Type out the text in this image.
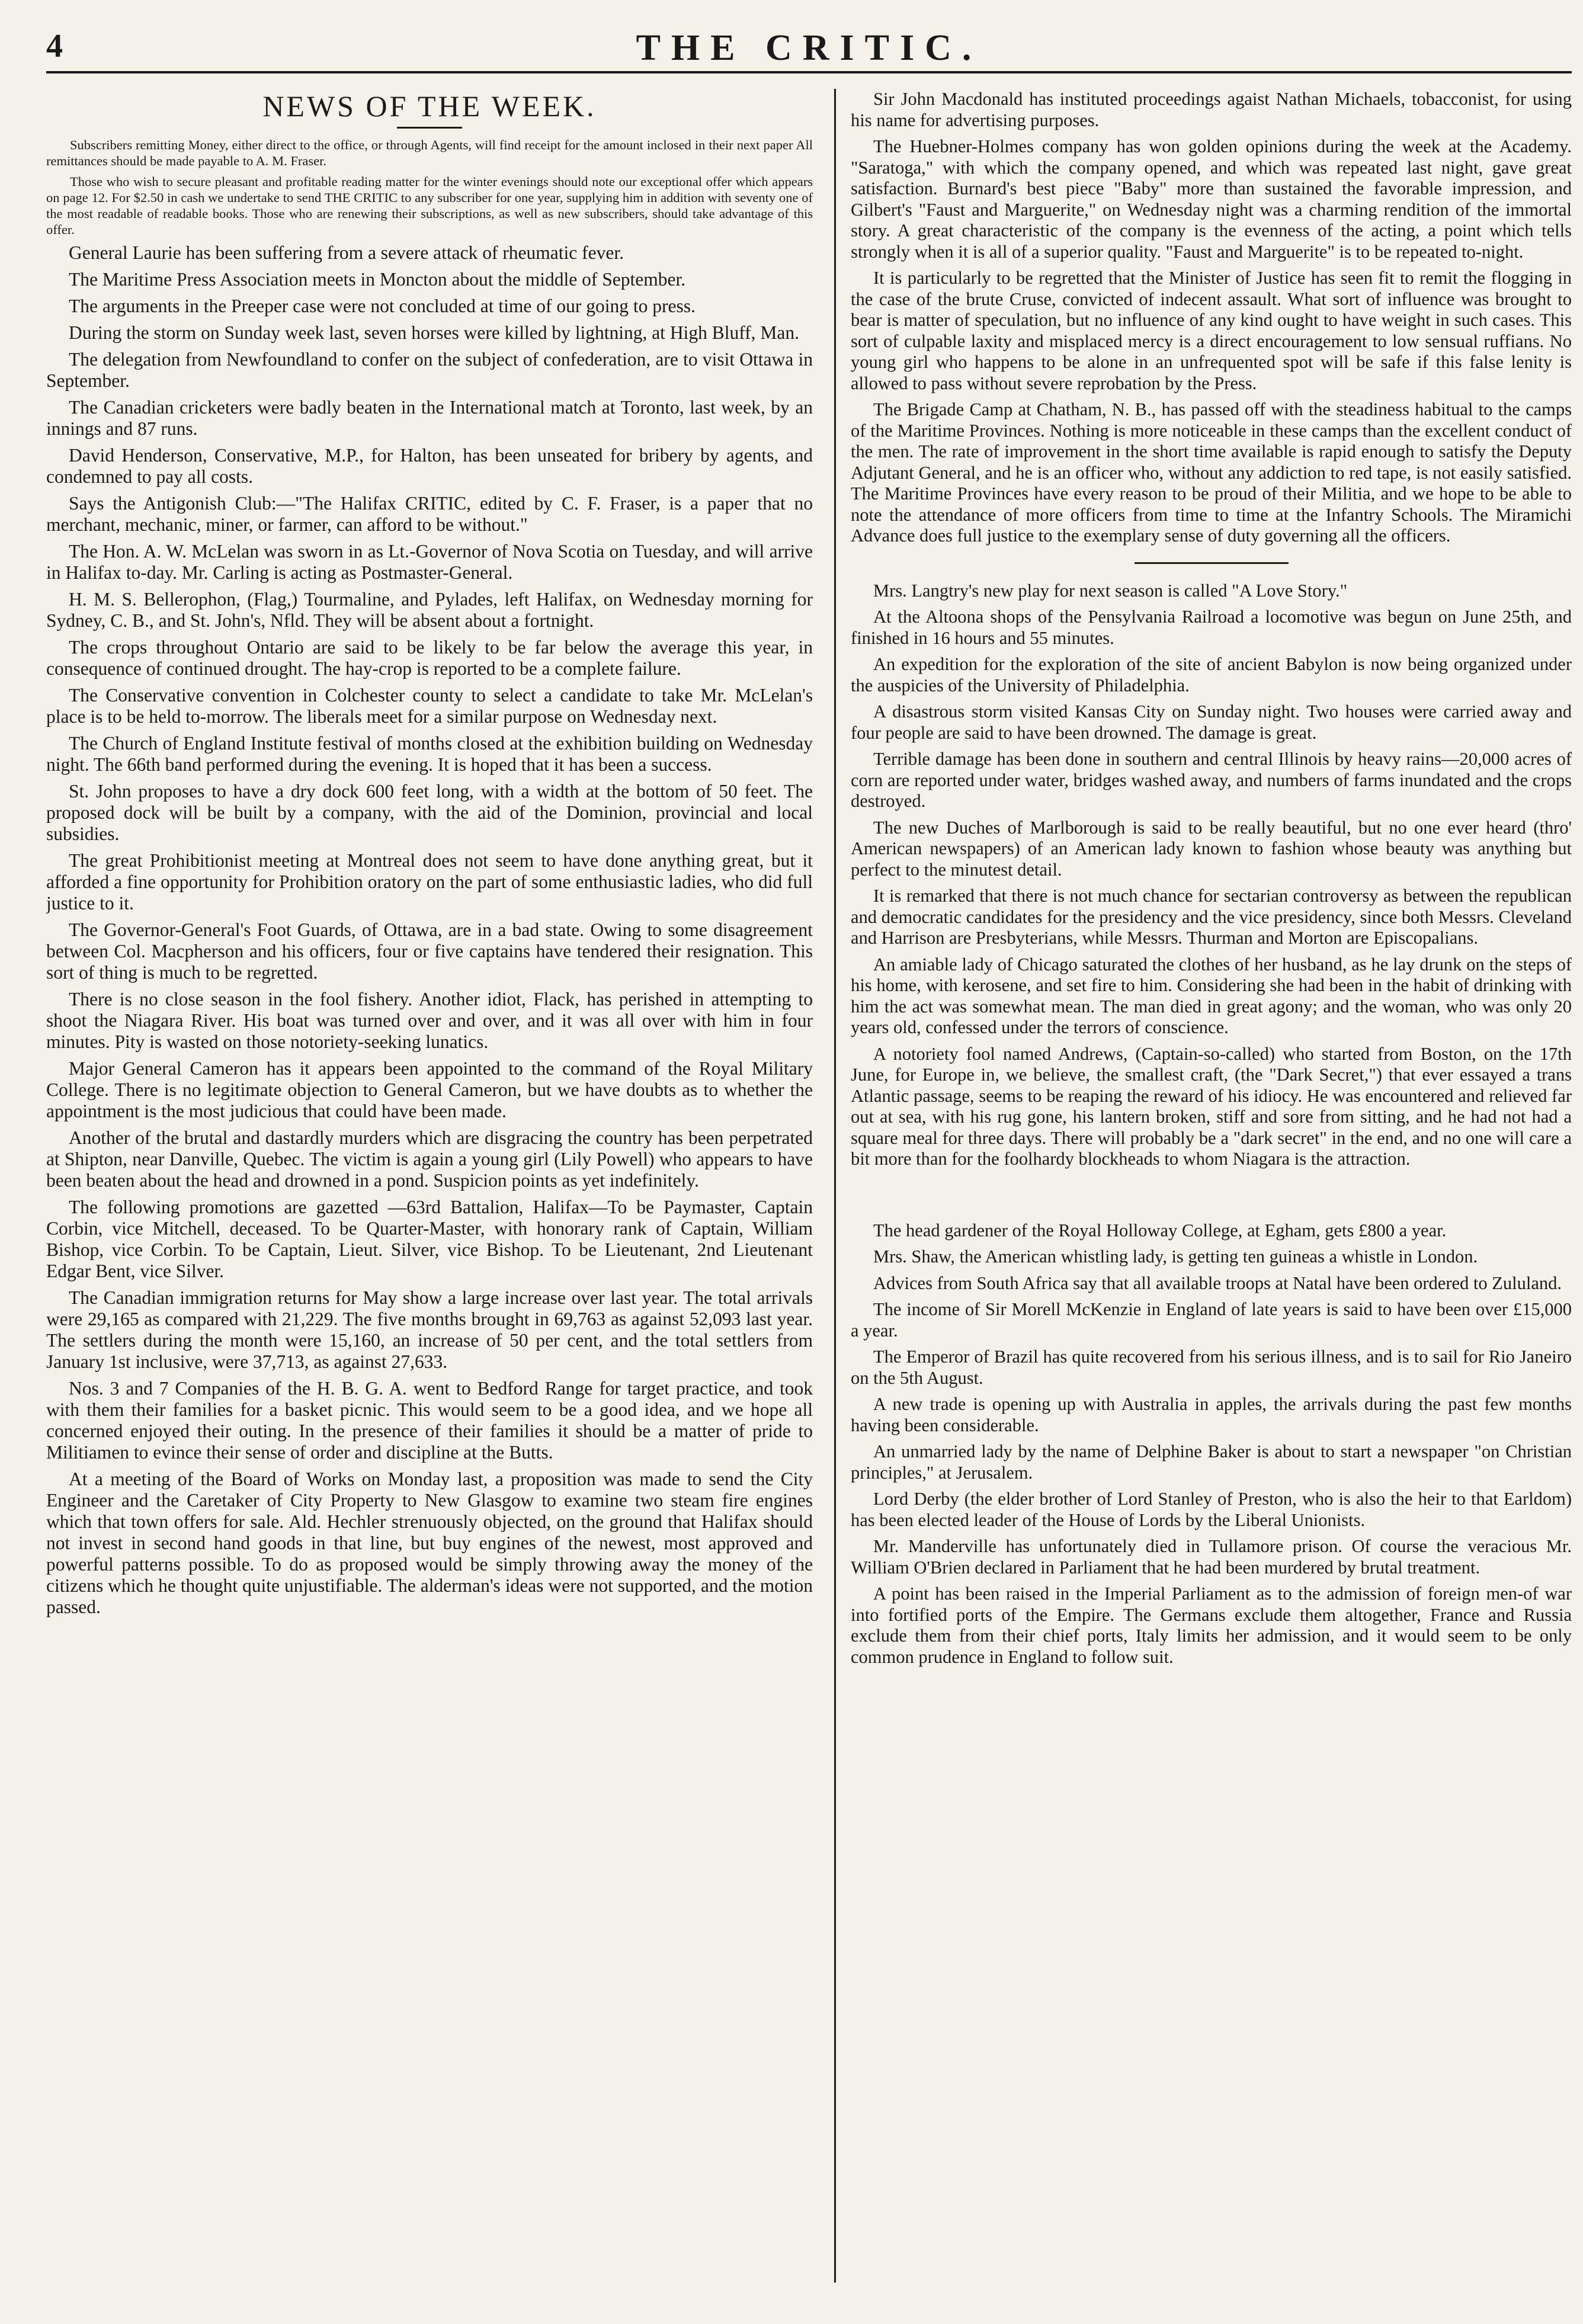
4	THE CRITIC.
NEWS OF THE WEEK.

Subscribers remitting Money, either direct to the office, or through Agents, will find receipt for the amount inclosed in their next paper All remittances should be made payable to A. M. Fraser.

Those who wish to secure pleasant and profitable reading matter for the winter evenings should note our exceptional offer which appears on page 12. For $2.50 in cash we undertake to send THE CRITIC to any subscriber for one year, supplying him in addition with seventy one of the most readable of readable books. Those who are renewing their subscriptions, as well as new subscribers, should take advantage of this offer.

General Laurie has been suffering from a severe attack of rheumatic fever.

The Maritime Press Association meets in Moncton about the middle of September.

The arguments in the Preeper case were not concluded at time of our going to press.

During the storm on Sunday week last, seven horses were killed by lightning, at High Bluff, Man.

The delegation from Newfoundland to confer on the subject of confederation, are to visit Ottawa in September.

The Canadian cricketers were badly beaten in the International match at Toronto, last week, by an innings and 87 runs.

David Henderson, Conservative, M.P., for Halton, has been unseated for bribery by agents, and condemned to pay all costs.

Says the Antigonish Club:—"The Halifax CRITIC, edited by C. F. Fraser, is a paper that no merchant, mechanic, miner, or farmer, can afford to be without."

The Hon. A. W. McLelan was sworn in as Lt.-Governor of Nova Scotia on Tuesday, and will arrive in Halifax to-day. Mr. Carling is acting as Postmaster-General.

H. M. S. Bellerophon, (Flag,) Tourmaline, and Pylades, left Halifax, on Wednesday morning for Sydney, C. B., and St. John's, Nfld. They will be absent about a fortnight.

The crops throughout Ontario are said to be likely to be far below the average this year, in consequence of continued drought. The hay-crop is reported to be a complete failure.

The Conservative convention in Colchester county to select a candidate to take Mr. McLelan's place is to be held to-morrow. The liberals meet for a similar purpose on Wednesday next.

The Church of England Institute festival of months closed at the exhibition building on Wednesday night. The 66th band performed during the evening. It is hoped that it has been a success.

St. John proposes to have a dry dock 600 feet long, with a width at the bottom of 50 feet. The proposed dock will be built by a company, with the aid of the Dominion, provincial and local subsidies.

The great Prohibitionist meeting at Montreal does not seem to have done anything great, but it afforded a fine opportunity for Prohibition oratory on the part of some enthusiastic ladies, who did full justice to it.

The Governor-General's Foot Guards, of Ottawa, are in a bad state. Owing to some disagreement between Col. Macpherson and his officers, four or five captains have tendered their resignation. This sort of thing is much to be regretted.

There is no close season in the fool fishery. Another idiot, Flack, has perished in attempting to shoot the Niagara River. His boat was turned over and over, and it was all over with him in four minutes. Pity is wasted on those notoriety-seeking lunatics.

Major General Cameron has it appears been appointed to the command of the Royal Military College. There is no legitimate objection to General Cameron, but we have doubts as to whether the appointment is the most judicious that could have been made.

Another of the brutal and dastardly murders which are disgracing the country has been perpetrated at Shipton, near Danville, Quebec. The victim is again a young girl (Lily Powell) who appears to have been beaten about the head and drowned in a pond. Suspicion points as yet indefinitely.

The following promotions are gazetted —63rd Battalion, Halifax—To be Paymaster, Captain Corbin, vice Mitchell, deceased. To be Quarter-Master, with honorary rank of Captain, William Bishop, vice Corbin. To be Captain, Lieut. Silver, vice Bishop. To be Lieutenant, 2nd Lieutenant Edgar Bent, vice Silver.

The Canadian immigration returns for May show a large increase over last year. The total arrivals were 29,165 as compared with 21,229. The five months brought in 69,763 as against 52,093 last year. The settlers during the month were 15,160, an increase of 50 per cent, and the total settlers from January 1st inclusive, were 37,713, as against 27,633.

Nos. 3 and 7 Companies of the H. B. G. A. went to Bedford Range for target practice, and took with them their families for a basket picnic. This would seem to be a good idea, and we hope all concerned enjoyed their outing. In the presence of their families it should be a matter of pride to Militiamen to evince their sense of order and discipline at the Butts.

At a meeting of the Board of Works on Monday last, a proposition was made to send the City Engineer and the Caretaker of City Property to New Glasgow to examine two steam fire engines which that town offers for sale. Ald. Hechler strenuously objected, on the ground that Halifax should not invest in second hand goods in that line, but buy engines of the newest, most approved and powerful patterns possible. To do as proposed would be simply throwing away the money of the citizens which he thought quite unjustifiable. The alderman's ideas were not supported, and the motion passed.

Sir John Macdonald has instituted proceedings agaist Nathan Michaels, tobacconist, for using his name for advertising purposes.

The Huebner-Holmes company has won golden opinions during the week at the Academy. "Saratoga," with which the company opened, and which was repeated last night, gave great satisfaction. Burnard's best piece "Baby" more than sustained the favorable impression, and Gilbert's "Faust and Marguerite," on Wednesday night was a charming rendition of the immortal story. A great characteristic of the company is the evenness of the acting, a point which tells strongly when it is all of a superior quality. "Faust and Marguerite" is to be repeated to-night.

It is particularly to be regretted that the Minister of Justice has seen fit to remit the flogging in the case of the brute Cruse, convicted of indecent assault. What sort of influence was brought to bear is matter of speculation, but no influence of any kind ought to have weight in such cases. This sort of culpable laxity and misplaced mercy is a direct encouragement to low sensual ruffians. No young girl who happens to be alone in an unfrequented spot will be safe if this false lenity is allowed to pass without severe reprobation by the Press.

The Brigade Camp at Chatham, N. B., has passed off with the steadiness habitual to the camps of the Maritime Provinces. Nothing is more noticeable in these camps than the excellent conduct of the men. The rate of improvement in the short time available is rapid enough to satisfy the Deputy Adjutant General, and he is an officer who, without any addiction to red tape, is not easily satisfied. The Maritime Provinces have every reason to be proud of their Militia, and we hope to be able to note the attendance of more officers from time to time at the Infantry Schools. The Miramichi Advance does full justice to the exemplary sense of duty governing all the officers.

Mrs. Langtry's new play for next season is called "A Love Story."

At the Altoona shops of the Pensylvania Railroad a locomotive was begun on June 25th, and finished in 16 hours and 55 minutes.

An expedition for the exploration of the site of ancient Babylon is now being organized under the auspicies of the University of Philadelphia.

A disastrous storm visited Kansas City on Sunday night. Two houses were carried away and four people are said to have been drowned. The damage is great.

Terrible damage has been done in southern and central Illinois by heavy rains—20,000 acres of corn are reported under water, bridges washed away, and numbers of farms inundated and the crops destroyed.

The new Duches of Marlborough is said to be really beautiful, but no one ever heard (thro' American newspapers) of an American lady known to fashion whose beauty was anything but perfect to the minutest detail.

It is remarked that there is not much chance for sectarian controversy as between the republican and democratic candidates for the presidency and the vice presidency, since both Messrs. Cleveland and Harrison are Presbyterians, while Messrs. Thurman and Morton are Episcopalians.

An amiable lady of Chicago saturated the clothes of her husband, as he lay drunk on the steps of his home, with kerosene, and set fire to him. Considering she had been in the habit of drinking with him the act was somewhat mean. The man died in great agony; and the woman, who was only 20 years old, confessed under the terrors of conscience.

A notoriety fool named Andrews, (Captain-so-called) who started from Boston, on the 17th June, for Europe in, we believe, the smallest craft, (the "Dark Secret,") that ever essayed a trans Atlantic passage, seems to be reaping the reward of his idiocy. He was encountered and relieved far out at sea, with his rug gone, his lantern broken, stiff and sore from sitting, and he had not had a square meal for three days. There will probably be a "dark secret" in the end, and no one will care a bit more than for the foolhardy blockheads to whom Niagara is the attraction.

The head gardener of the Royal Holloway College, at Egham, gets £800 a year.

Mrs. Shaw, the American whistling lady, is getting ten guineas a whistle in London.

Advices from South Africa say that all available troops at Natal have been ordered to Zululand.

The income of Sir Morell McKenzie in England of late years is said to have been over £15,000 a year.

The Emperor of Brazil has quite recovered from his serious illness, and is to sail for Rio Janeiro on the 5th August.

A new trade is opening up with Australia in apples, the arrivals during the past few months having been considerable.

An unmarried lady by the name of Delphine Baker is about to start a newspaper "on Christian principles," at Jerusalem.

Lord Derby (the elder brother of Lord Stanley of Preston, who is also the heir to that Earldom) has been elected leader of the House of Lords by the Liberal Unionists.

Mr. Manderville has unfortunately died in Tullamore prison. Of course the veracious Mr. William O'Brien declared in Parliament that he had been murdered by brutal treatment.

A point has been raised in the Imperial Parliament as to the admission of foreign men-of war into fortified ports of the Empire. The Germans exclude them altogether, France and Russia exclude them from their chief ports, Italy limits her admission, and it would seem to be only common prudence in England to follow suit.
